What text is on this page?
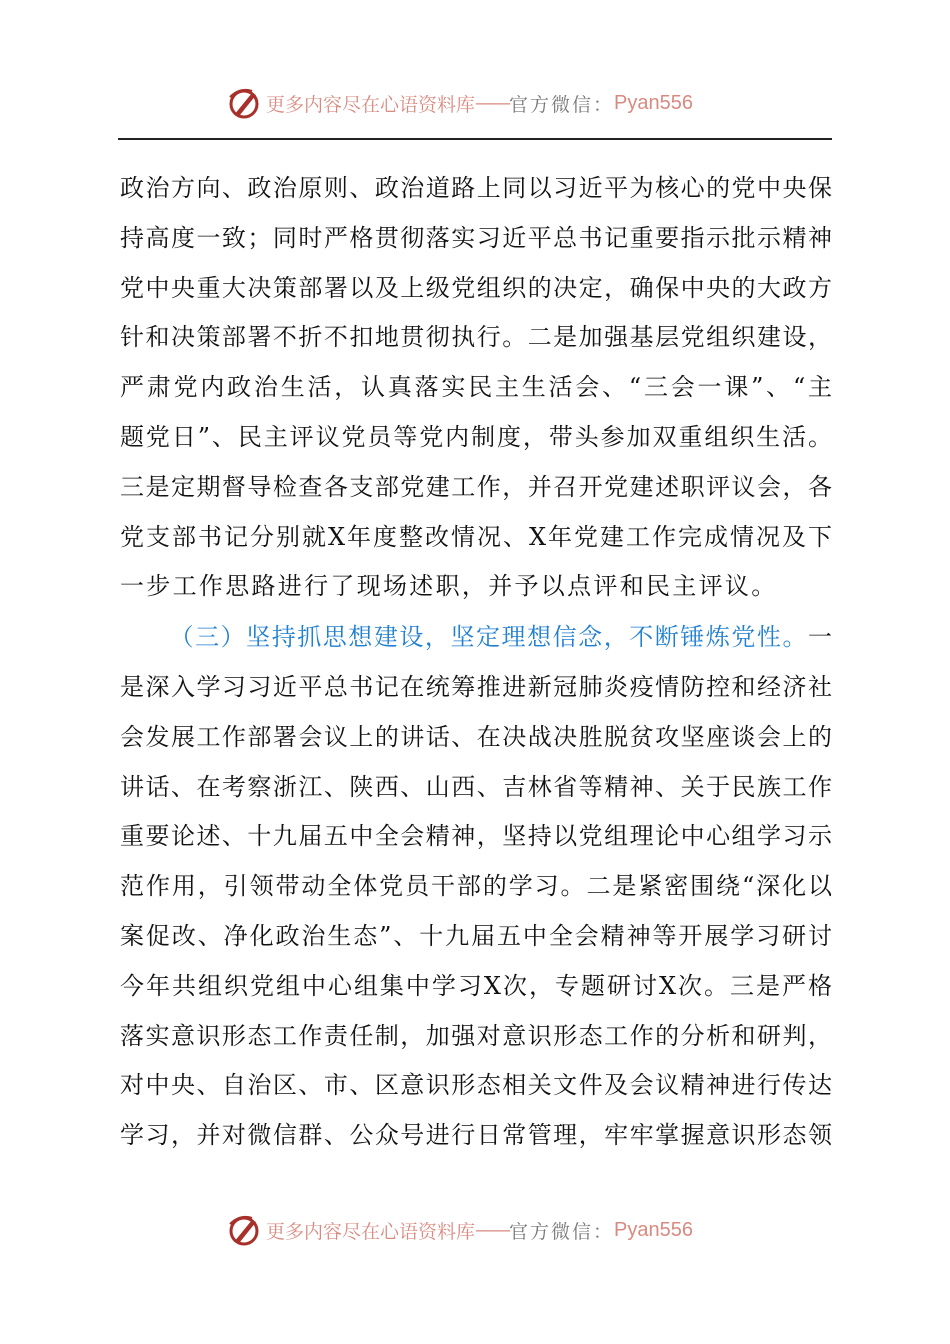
更多内容尽在心语资料库 —— 官方微信： Pyan556
政治方向、政治原则、政治道路上同以习近平为核心的党中央保
持高度一致；同时严格贯彻落实习近平总书记重要指示批示精神
党中央重大决策部署以及上级党组织的决定，确保中央的大政方
针和决策部署不折不扣地贯彻执行。二是加强基层党组织建设，
严肃党内政治生活，认真落实民主生活会、“三会一课”、“主
题党日”、民主评议党员等党内制度，带头参加双重组织生活。
三是定期督导检查各支部党建工作，并召开党建述职评议会，各
党支部书记分别就X年度整改情况、X年党建工作完成情况及下
一步工作思路进行了现场述职，并予以点评和民主评议。
（三）坚持抓思想建设，坚定理想信念，不断锤炼党性。一
是深入学习习近平总书记在统筹推进新冠肺炎疫情防控和经济社
会发展工作部署会议上的讲话、在决战决胜脱贫攻坚座谈会上的
讲话、在考察浙江、陕西、山西、吉林省等精神、关于民族工作
重要论述、十九届五中全会精神，坚持以党组理论中心组学习示
范作用，引领带动全体党员干部的学习。二是紧密围绕“深化以
案促改、净化政治生态”、十九届五中全会精神等开展学习研讨
今年共组织党组中心组集中学习X次，专题研讨X次。三是严格
落实意识形态工作责任制，加强对意识形态工作的分析和研判，
对中央、自治区、市、区意识形态相关文件及会议精神进行传达
学习，并对微信群、公众号进行日常管理，牢牢掌握意识形态领
更多内容尽在心语资料库 —— 官方微信： Pyan556
